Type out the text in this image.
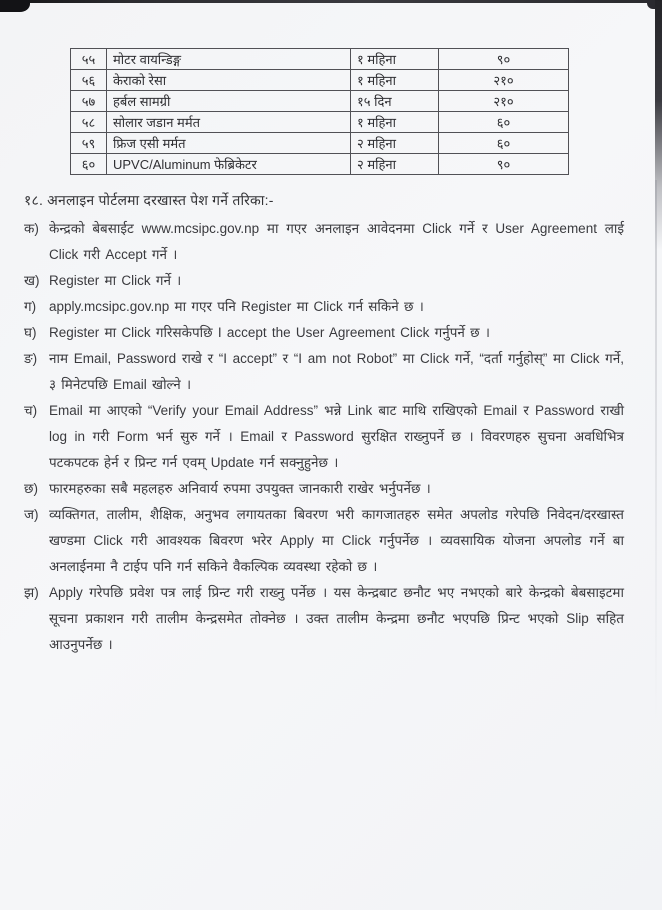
५५	मोटर वायन्डिङ्ग	१ महिना	९०
५६	केराको रेसा	१ महिना	२१०
५७	हर्बल सामग्री	१५ दिन	२१०
५८	सोलार जडान मर्मत	१ महिना	६०
५९	फ्रिज एसी मर्मत	२ महिना	६०
६०	UPVC/Aluminum फेब्रिकेटर	२ महिना	९०
१८. अनलाइन पोर्टलमा दरखास्त पेश गर्ने तरिका:-
क) केन्द्रको बेबसाईट www.mcsipc.gov.np मा गएर अनलाइन आवेदनमा Click गर्ने र User Agreement लाई Click गरी Accept गर्ने ।
ख) Register मा Click गर्ने ।
ग) apply.mcsipc.gov.np मा गएर पनि Register मा Click गर्न सकिने छ ।
घ) Register मा Click गरिसकेपछि I accept the User Agreement Click गर्नुपर्ने छ ।
ङ) नाम Email, Password राखे र “I accept” र “I am not Robot” मा Click गर्ने, “दर्ता गर्नुहोस्” मा Click गर्ने, ३ मिनेटपछि Email खोल्ने ।
च) Email मा आएको “Verify your Email Address” भन्ने Link बाट माथि राखिएको Email र Password राखी log in गरी Form भर्न सुरु गर्ने । Email र Password सुरक्षित राख्नुपर्ने छ । विवरणहरु सुचना अवधिभित्र पटकपटक हेर्न र प्रिन्ट गर्न एवम् Update गर्न सक्नुहुनेछ ।
छ) फारमहरुका सबै महलहरु अनिवार्य रुपमा उपयुक्त जानकारी राखेर भर्नुपर्नेछ ।
ज) व्यक्तिगत, तालीम, शैक्षिक, अनुभव लगायतका बिवरण भरी कागजातहरु समेत अपलोड गरेपछि निवेदन/दरखास्त खण्डमा Click गरी आवश्यक बिवरण भरेर Apply मा Click गर्नुपर्नेछ । व्यवसायिक योजना अपलोड गर्ने बा अनलाईनमा नै टाईप पनि गर्न सकिने वैकल्पिक व्यवस्था रहेको छ ।
झ) Apply गरेपछि प्रवेश पत्र लाई प्रिन्ट गरी राख्नु पर्नेछ । यस केन्द्रबाट छनौट भए नभएको बारे केन्द्रको बेबसाइटमा सूचना प्रकाशन गरी तालीम केन्द्रसमेत तोक्नेछ । उक्त तालीम केन्द्रमा छनौट भएपछि प्रिन्ट भएको Slip सहित आउनुपर्नेछ ।
